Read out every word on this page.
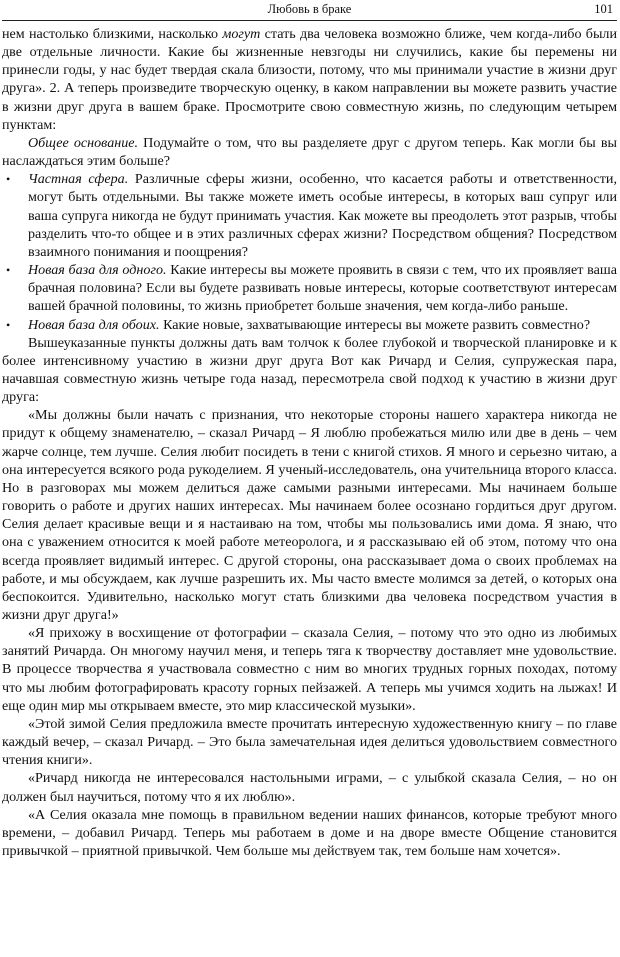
Любовь в браке	101

нем настолько близкими, насколько могут стать два человека возможно ближе, чем когда-либо были две отдельные личности. Какие бы жизненные невзгоды ни случились, какие бы перемены ни принесли годы, у нас будет твердая скала близости, потому, что мы принимали участие в жизни друг друга». 2. А теперь произведите творческую оценку, в каком направлении вы можете развить участие в жизни друг друга в вашем браке. Просмотрите свою совместную жизнь, по следующим четырем пунктам:

Общее основание. Подумайте о том, что вы разделяете друг с другом теперь. Как могли бы вы наслаждаться этим больше?

• Частная сфера. Различные сферы жизни, особенно, что касается работы и ответственности, могут быть отдельными. Вы также можете иметь особые интересы, в которых ваш супруг или ваша супруга никогда не будут принимать участия. Как можете вы преодолеть этот разрыв, чтобы разделить что-то общее и в этих различных сферах жизни? Посредством общения? Посредством взаимного понимания и поощрения?
• Новая база для одного. Какие интересы вы можете проявить в связи с тем, что их проявляет ваша брачная половина? Если вы будете развивать новые интересы, которые соответствуют интересам вашей брачной половины, то жизнь приобретет больше значения, чем когда-либо раньше.
• Новая база для обоих. Какие новые, захватывающие интересы вы можете развить совместно?

Вышеуказанные пункты должны дать вам толчок к более глубокой и творческой планировке и к более интенсивному участию в жизни друг друга Вот как Ричард и Селия, супружеская пара, начавшая совместную жизнь четыре года назад, пересмотрела свой подход к участию в жизни друг друга:

«Мы должны были начать с признания, что некоторые стороны нашего характера никогда не придут к общему знаменателю, – сказал Ричард – Я люблю пробежаться милю или две в день – чем жарче солнце, тем лучше. Селия любит посидеть в тени с книгой стихов. Я много и серьезно читаю, а она интересуется всякого рода рукоделием. Я ученый-исследователь, она учительница второго класса. Но в разговорах мы можем делиться даже самыми разными интересами. Мы начинаем больше говорить о работе и других наших интересах. Мы начинаем более осознано гордиться друг другом. Селия делает красивые вещи и я настаиваю на том, чтобы мы пользовались ими дома. Я знаю, что она с уважением относится к моей работе метеоролога, и я рассказываю ей об этом, потому что она всегда проявляет видимый интерес. С другой стороны, она рассказывает дома о своих проблемах на работе, и мы обсуждаем, как лучше разрешить их. Мы часто вместе молимся за детей, о которых она беспокоится. Удивительно, насколько могут стать близкими два человека посредством участия в жизни друг друга!»

«Я прихожу в восхищение от фотографии – сказала Селия, – потому что это одно из любимых занятий Ричарда. Он многому научил меня, и теперь тяга к творчеству доставляет мне удовольствие. В процессе творчества я участвовала совместно с ним во многих трудных горных походах, потому что мы любим фотографировать красоту горных пейзажей. А теперь мы учимся ходить на лыжах! И еще один мир мы открываем вместе, это мир классической музыки».

«Этой зимой Селия предложила вместе прочитать интересную художественную книгу – по главе каждый вечер, – сказал Ричард. – Это была замечательная идея делиться удовольствием совместного чтения книги».

«Ричард никогда не интересовался настольными играми, – с улыбкой сказала Селия, – но он должен был научиться, потому что я их люблю».

«А Селия оказала мне помощь в правильном ведении наших финансов, которые требуют много времени, – добавил Ричард. Теперь мы работаем в доме и на дворе вместе Общение становится привычкой – приятной привычкой. Чем больше мы действуем так, тем больше нам хочется».
